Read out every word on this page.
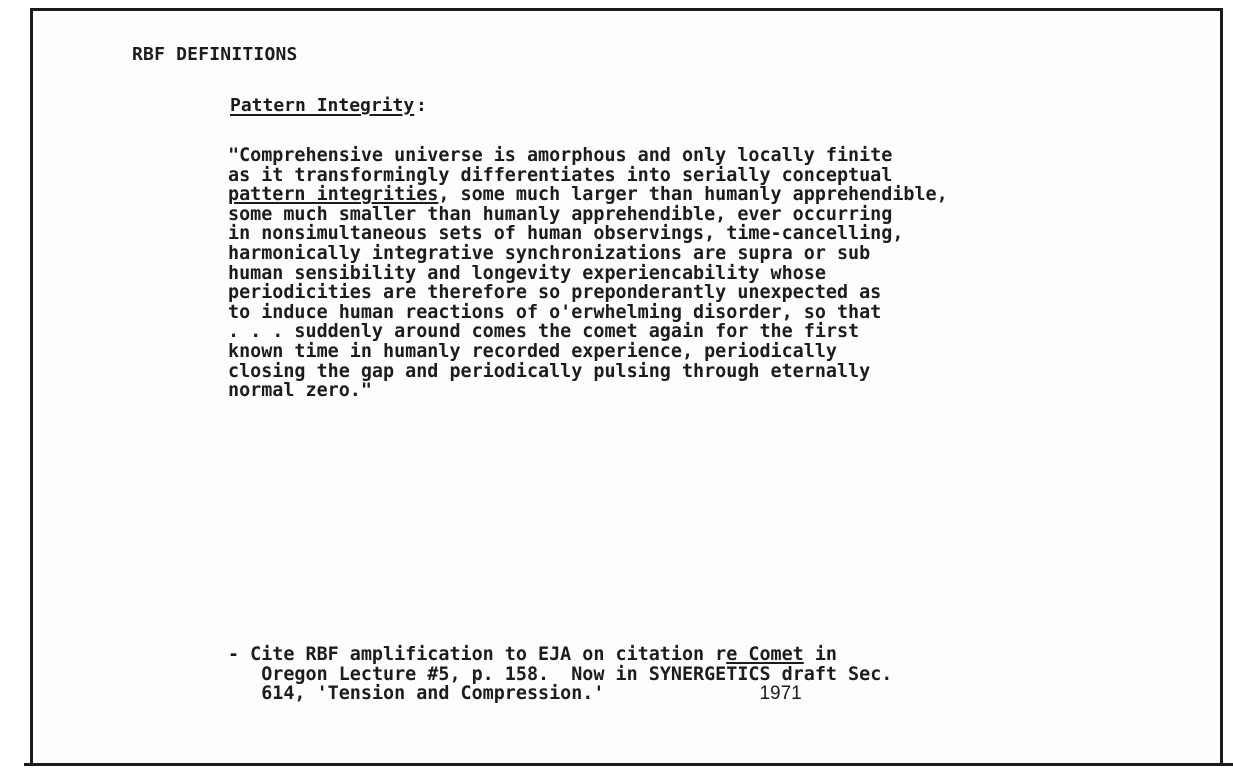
RBF DEFINITIONS

Pattern Integrity :

"Comprehensive universe is amorphous and only locally finite
as it transformingly differentiates into serially conceptual
pattern integrities, some much larger than humanly apprehendible,
some much smaller than humanly apprehendible, ever occurring
in nonsimultaneous sets of human observings, time-cancelling,
harmonically integrative synchronizations are supra or sub
human sensibility and longevity experiencability whose
periodicities are therefore so preponderantly unexpected as
to induce human reactions of o'erwhelming disorder, so that
. . . suddenly around comes the comet again for the first
known time in humanly recorded experience, periodically
closing the gap and periodically pulsing through eternally
normal zero."
- Cite RBF amplification to EJA on citation re Comet in
Oregon Lecture #5, p. 158.  Now in SYNERGETICS draft Sec.
614, 'Tension and Compression.'	1971
